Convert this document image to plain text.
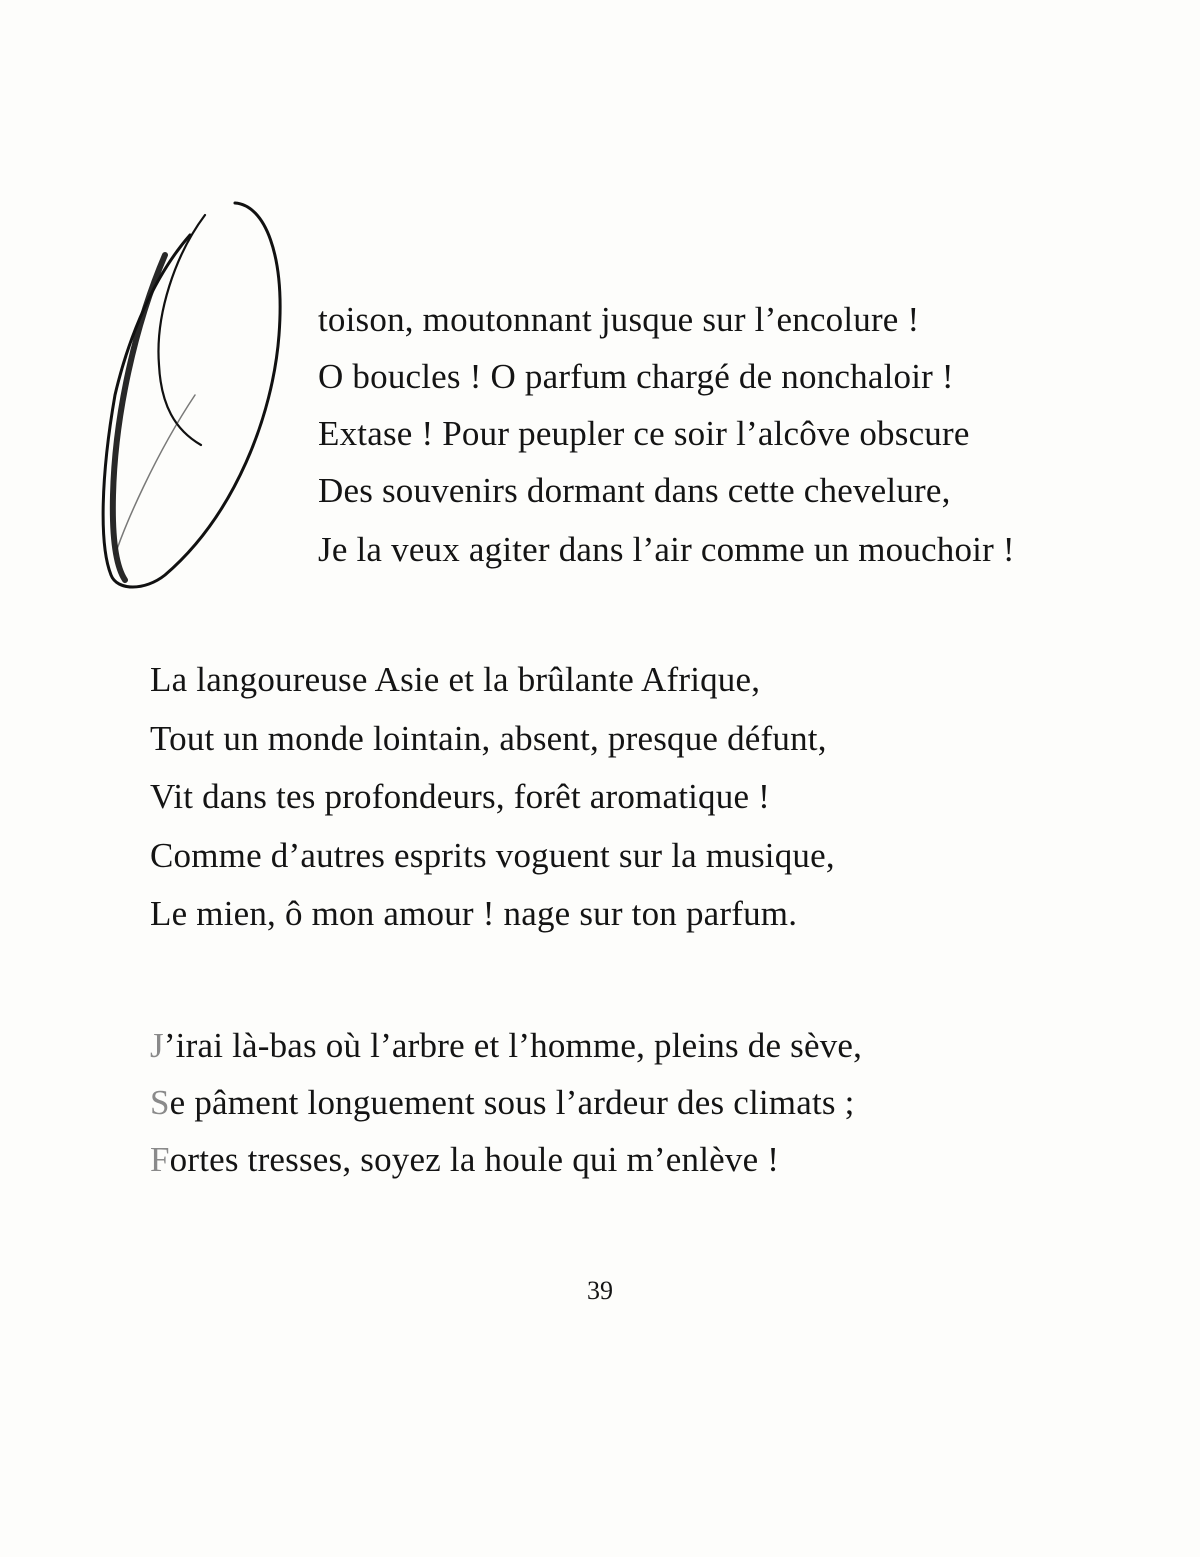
toison, moutonnant jusque sur l’encolure !

O boucles ! O parfum chargé de nonchaloir !

Extase ! Pour peupler ce soir l’alcôve obscure

Des souvenirs dormant dans cette chevelure,

Je la veux agiter dans l’air comme un mouchoir !

La langoureuse Asie et la brûlante Afrique,

Tout un monde lointain, absent, presque défunt,

Vit dans tes profondeurs, forêt aromatique !

Comme d’autres esprits voguent sur la musique,

Le mien, ô mon amour ! nage sur ton parfum.

J’irai là-bas où l’arbre et l’homme, pleins de sève,

Se pâment longuement sous l’ardeur des climats ;

Fortes tresses, soyez la houle qui m’enlève !

39
